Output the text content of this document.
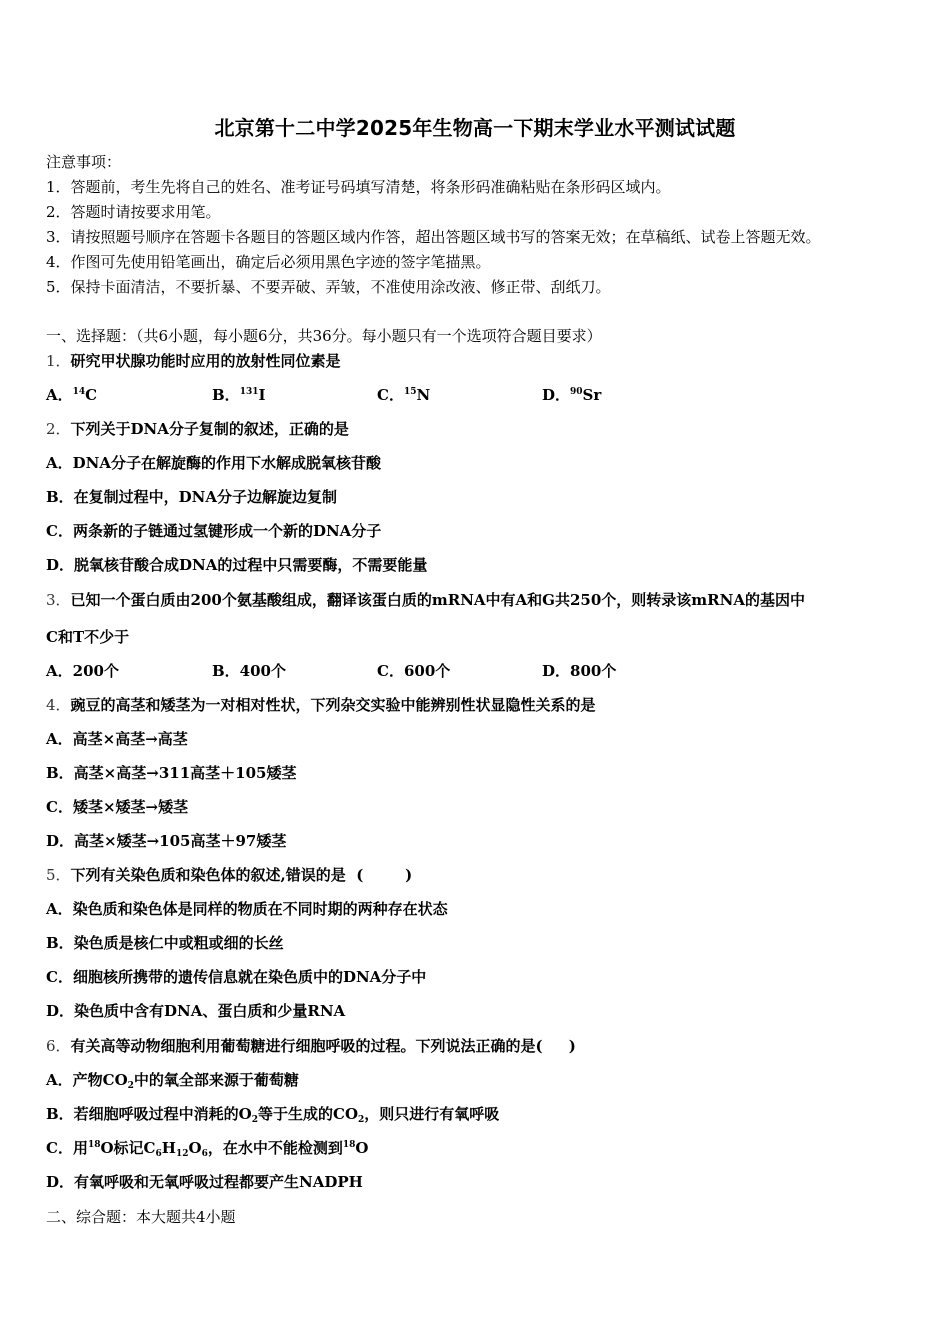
北京第十二中学2025年生物高一下期末学业水平测试试题
注意事项：
1．答题前，考生先将自己的姓名、准考证号码填写清楚，将条形码准确粘贴在条形码区域内。
2．答题时请按要求用笔。
3．请按照题号顺序在答题卡各题目的答题区域内作答，超出答题区域书写的答案无效；在草稿纸、试卷上答题无效。
4．作图可先使用铅笔画出，确定后必须用黑色字迹的签字笔描黑。
5．保持卡面清洁，不要折暴、不要弄破、弄皱，不准使用涂改液、修正带、刮纸刀。
一、选择题：（共6小题，每小题6分，共36分。每小题只有一个选项符合题目要求）
1．研究甲状腺功能时应用的放射性同位素是
A．$^{14}$C	B．$^{131}$I	C．$^{15}$N	D．$^{90}$Sr
2．下列关于DNA分子复制的叙述，正确的是
A．DNA分子在解旋酶的作用下水解成脱氧核苷酸
B．在复制过程中，DNA分子边解旋边复制
C．两条新的子链通过氢键形成一个新的DNA分子
D．脱氧核苷酸合成DNA的过程中只需要酶，不需要能量
3．已知一个蛋白质由200个氨基酸组成，翻译该蛋白质的mRNA中有A和G共250个，则转录该mRNA的基因中
C和T不少于
A．200个	B．400个	C．600个	D．800个
4．豌豆的高茎和矮茎为一对相对性状，下列杂交实验中能辨别性状显隐性关系的是
A．高茎×高茎→高茎
B．高茎×高茎→311高茎＋105矮茎
C．矮茎×矮茎→矮茎
D．高茎×矮茎→105高茎＋97矮茎
5．下列有关染色质和染色体的叙述,错误的是  (        )
A．染色质和染色体是同样的物质在不同时期的两种存在状态
B．染色质是核仁中或粗或细的长丝
C．细胞核所携带的遗传信息就在染色质中的DNA分子中
D．染色质中含有DNA、蛋白质和少量RNA
6．有关高等动物细胞利用葡萄糖进行细胞呼吸的过程。下列说法正确的是(     )
A．产物$CO_2$中的氧全部来源于葡萄糖
B．若细胞呼吸过程中消耗的$O_2$等于生成的$CO_2$，则只进行有氧呼吸
C．用$^{18}$O标记$C_6H_{12}O_6$，在水中不能检测到$^{18}$O
D．有氧呼吸和无氧呼吸过程都要产生NADPH
二、综合题：本大题共4小题
